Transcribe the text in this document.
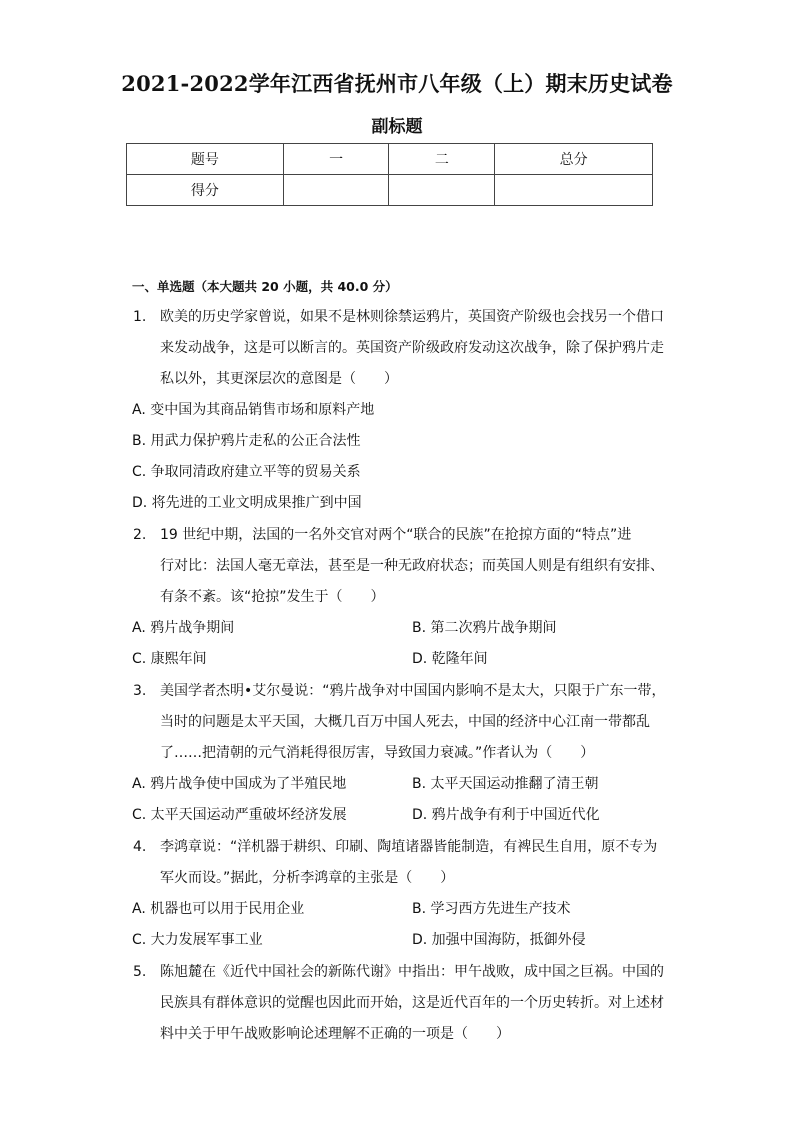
2021-2022学年江西省抚州市八年级（上）期末历史试卷
副标题
题号	一	二	总分
得分			
一、单选题（本大题共 20 小题，共 40.0 分）
1. 欧美的历史学家曾说，如果不是林则徐禁运鸦片，英国资产阶级也会找另一个借口
来发动战争，这是可以断言的。英国资产阶级政府发动这次战争，除了保护鸦片走
私以外，其更深层次的意图是（　　）
A. 变中国为其商品销售市场和原料产地
B. 用武力保护鸦片走私的公正合法性
C. 争取同清政府建立平等的贸易关系
D. 将先进的工业文明成果推广到中国
2. 19 世纪中期，法国的一名外交官对两个“联合的民族”在抢掠方面的“特点”进
行对比：法国人毫无章法，甚至是一种无政府状态；而英国人则是有组织有安排、
有条不紊。该“抢掠”发生于（　　）
A. 鸦片战争期间	B. 第二次鸦片战争期间
C. 康熙年间	D. 乾隆年间
3. 美国学者杰明•艾尔曼说：“鸦片战争对中国国内影响不是太大，只限于广东一带，
当时的问题是太平天国，大概几百万中国人死去，中国的经济中心江南一带都乱
了……把清朝的元气消耗得很厉害，导致国力衰减。”作者认为（　　）
A. 鸦片战争使中国成为了半殖民地	B. 太平天国运动推翻了清王朝
C. 太平天国运动严重破坏经济发展	D. 鸦片战争有利于中国近代化
4. 李鸿章说：“洋机器于耕织、印刷、陶埴诸器皆能制造，有裨民生自用，原不专为
军火而设。”据此，分析李鸿章的主张是（　　）
A. 机器也可以用于民用企业	B. 学习西方先进生产技术
C. 大力发展军事工业	D. 加强中国海防，抵御外侵
5. 陈旭麓在《近代中国社会的新陈代谢》中指出：甲午战败，成中国之巨祸。中国的
民族具有群体意识的觉醒也因此而开始，这是近代百年的一个历史转折。对上述材
料中关于甲午战败影响论述理解不正确的一项是（　　）
